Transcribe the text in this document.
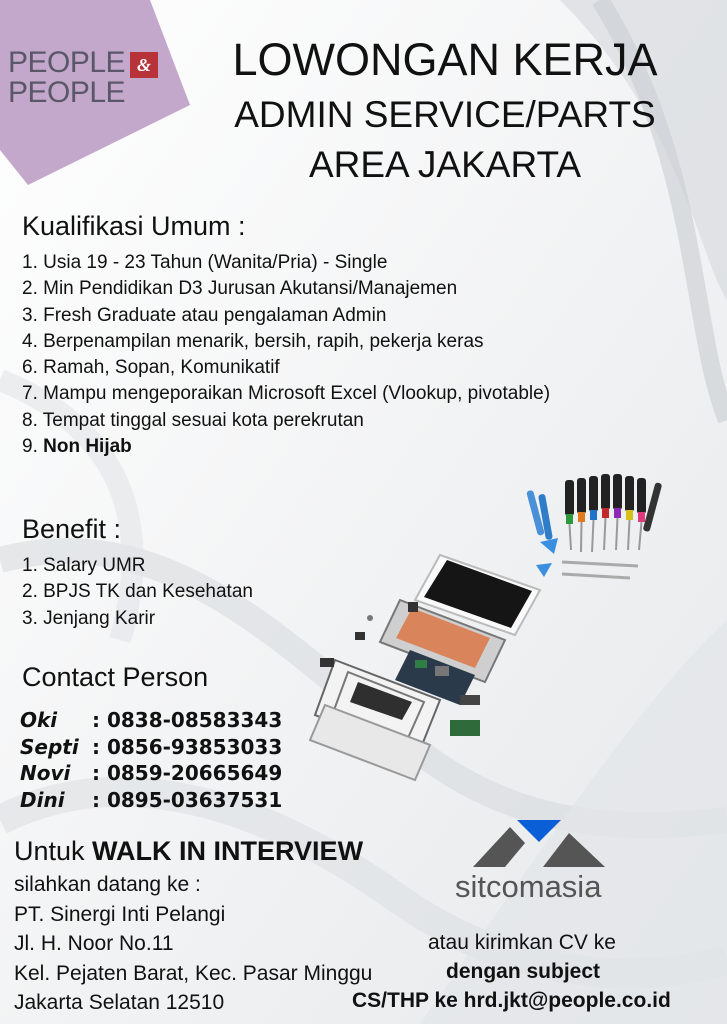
PEOPLE &
PEOPLE
LOWONGAN KERJA
ADMIN SERVICE/PARTS
AREA JAKARTA
Kualifikasi Umum :
1. Usia 19 - 23 Tahun (Wanita/Pria) - Single
2. Min Pendidikan D3 Jurusan Akutansi/Manajemen
3. Fresh Graduate atau pengalaman Admin
4. Berpenampilan menarik, bersih, rapih, pekerja keras
6. Ramah, Sopan, Komunikatif
7. Mampu mengeporaikan Microsoft Excel (Vlookup, pivotable)
8. Tempat tinggal sesuai kota perekrutan
9. Non Hijab
Benefit :
1. Salary UMR
2. BPJS TK dan Kesehatan
3. Jenjang Karir
Contact Person
Oki : 0838-08583343
Septi : 0856-93853033
Novi : 0859-20665649
Dini : 0895-03637531
sitcomasia
Untuk WALK IN INTERVIEW
silahkan datang ke :
PT. Sinergi Inti Pelangi
Jl. H. Noor No.11
Kel. Pejaten Barat, Kec. Pasar Minggu
Jakarta Selatan 12510
atau kirimkan CV ke
dengan subject
CS/THP ke hrd.jkt@people.co.id
